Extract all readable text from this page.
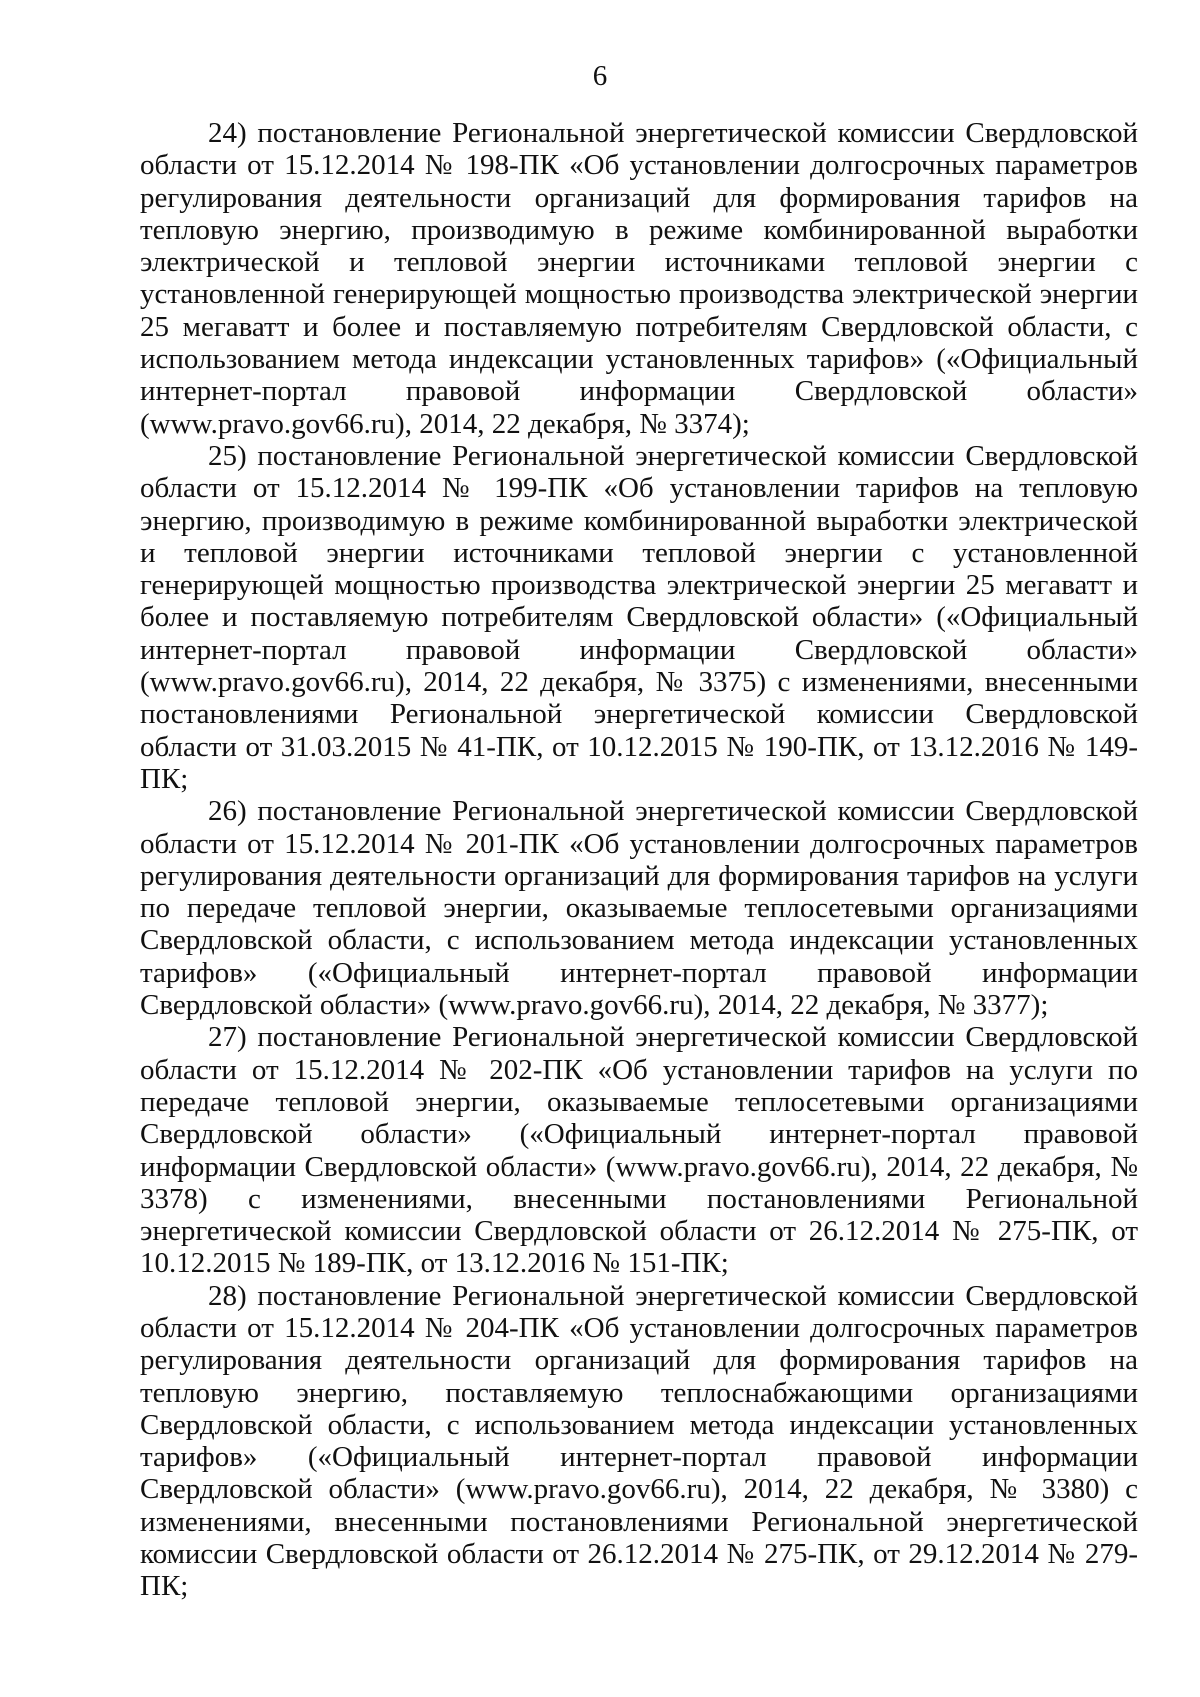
6

24) постановление Региональной энергетической комиссии Свердловской области от 15.12.2014 № 198-ПК «Об установлении долгосрочных параметров регулирования деятельности организаций для формирования тарифов на тепловую энергию, производимую в режиме комбинированной выработки электрической и тепловой энергии источниками тепловой энергии с установленной генерирующей мощностью производства электрической энергии 25 мегаватт и более и поставляемую потребителям Свердловской области, с использованием метода индексации установленных тарифов» («Официальный интернет-портал правовой информации Свердловской области» (www.pravo.gov66.ru), 2014, 22 декабря, № 3374);

25) постановление Региональной энергетической комиссии Свердловской области от 15.12.2014 № 199-ПК «Об установлении тарифов на тепловую энергию, производимую в режиме комбинированной выработки электрической и тепловой энергии источниками тепловой энергии с установленной генерирующей мощностью производства электрической энергии 25 мегаватт и более и поставляемую потребителям Свердловской области» («Официальный интернет-портал правовой информации Свердловской области» (www.pravo.gov66.ru), 2014, 22 декабря, № 3375) с изменениями, внесенными постановлениями Региональной энергетической комиссии Свердловской области от 31.03.2015 № 41-ПК, от 10.12.2015 № 190-ПК, от 13.12.2016 № 149-ПК;

26) постановление Региональной энергетической комиссии Свердловской области от 15.12.2014 № 201-ПК «Об установлении долгосрочных параметров регулирования деятельности организаций для формирования тарифов на услуги по передаче тепловой энергии, оказываемые теплосетевыми организациями Свердловской области, с использованием метода индексации установленных тарифов» («Официальный интернет-портал правовой информации Свердловской области» (www.pravo.gov66.ru), 2014, 22 декабря, № 3377);

27) постановление Региональной энергетической комиссии Свердловской области от 15.12.2014 № 202-ПК «Об установлении тарифов на услуги по передаче тепловой энергии, оказываемые теплосетевыми организациями Свердловской области» («Официальный интернет-портал правовой информации Свердловской области» (www.pravo.gov66.ru), 2014, 22 декабря, № 3378) с изменениями, внесенными постановлениями Региональной энергетической комиссии Свердловской области от 26.12.2014 № 275-ПК, от 10.12.2015 № 189-ПК, от 13.12.2016 № 151-ПК;

28) постановление Региональной энергетической комиссии Свердловской области от 15.12.2014 № 204-ПК «Об установлении долгосрочных параметров регулирования деятельности организаций для формирования тарифов на тепловую энергию, поставляемую теплоснабжающими организациями Свердловской области, с использованием метода индексации установленных тарифов» («Официальный интернет-портал правовой информации Свердловской области» (www.pravo.gov66.ru), 2014, 22 декабря, № 3380) с изменениями, внесенными постановлениями Региональной энергетической комиссии Свердловской области от 26.12.2014 № 275-ПК, от 29.12.2014 № 279-ПК;
